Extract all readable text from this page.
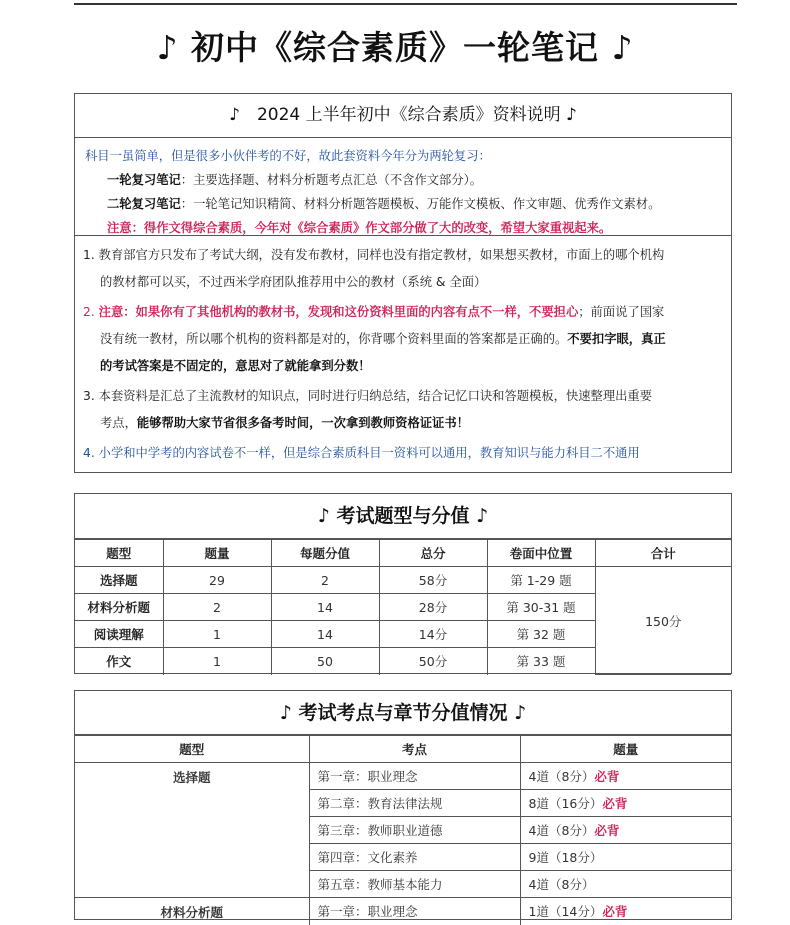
♪ 初中《综合素质》一轮笔记 ♪
♪　2024 上半年初中《综合素质》资料说明 ♪
科目一虽简单，但是很多小伙伴考的不好，故此套资料今年分为两轮复习：
一轮复习笔记：主要选择题、材料分析题考点汇总（不含作文部分）。
二轮复习笔记：一轮笔记知识精简、材料分析题答题模板、万能作文模板、作文审题、优秀作文素材。
注意：得作文得综合素质，今年对《综合素质》作文部分做了大的改变，希望大家重视起来。
1. 教育部官方只发布了考试大纲，没有发布教材，同样也没有指定教材，如果想买教材，市面上的哪个机构
的教材都可以买，不过西米学府团队推荐用中公的教材（系统 & 全面）
2. 注意：如果你有了其他机构的教材书，发现和这份资料里面的内容有点不一样，不要担心；前面说了国家
没有统一教材，所以哪个机构的资料都是对的，你背哪个资料里面的答案都是正确的。不要扣字眼，真正
的考试答案是不固定的，意思对了就能拿到分数！
3. 本套资料是汇总了主流教材的知识点，同时进行归纳总结，结合记忆口诀和答题模板，快速整理出重要
考点，能够帮助大家节省很多备考时间，一次拿到教师资格证证书！
4. 小学和中学考的内容试卷不一样，但是综合素质科目一资料可以通用，教育知识与能力科目二不通用
♪ 考试题型与分值 ♪
题型	题量	每题分值	总分	卷面中位置	合计
选择题	29	2	58分	第 1-29 题	150分
材料分析题	2	14	28分	第 30-31 题	
阅读理解	1	14	14分	第 32 题	
作文	1	50	50分	第 33 题	
♪ 考试考点与章节分值情况 ♪
题型	考点	题量
选择题	第一章：职业理念	4道（8分）必背
	第二章：教育法律法规	8道（16分）必背
	第三章：教师职业道德	4道（8分）必背
	第四章：文化素养	9道（18分）
	第五章：教师基本能力	4道（8分）
材料分析题	第一章：职业理念	1道（14分）必背
